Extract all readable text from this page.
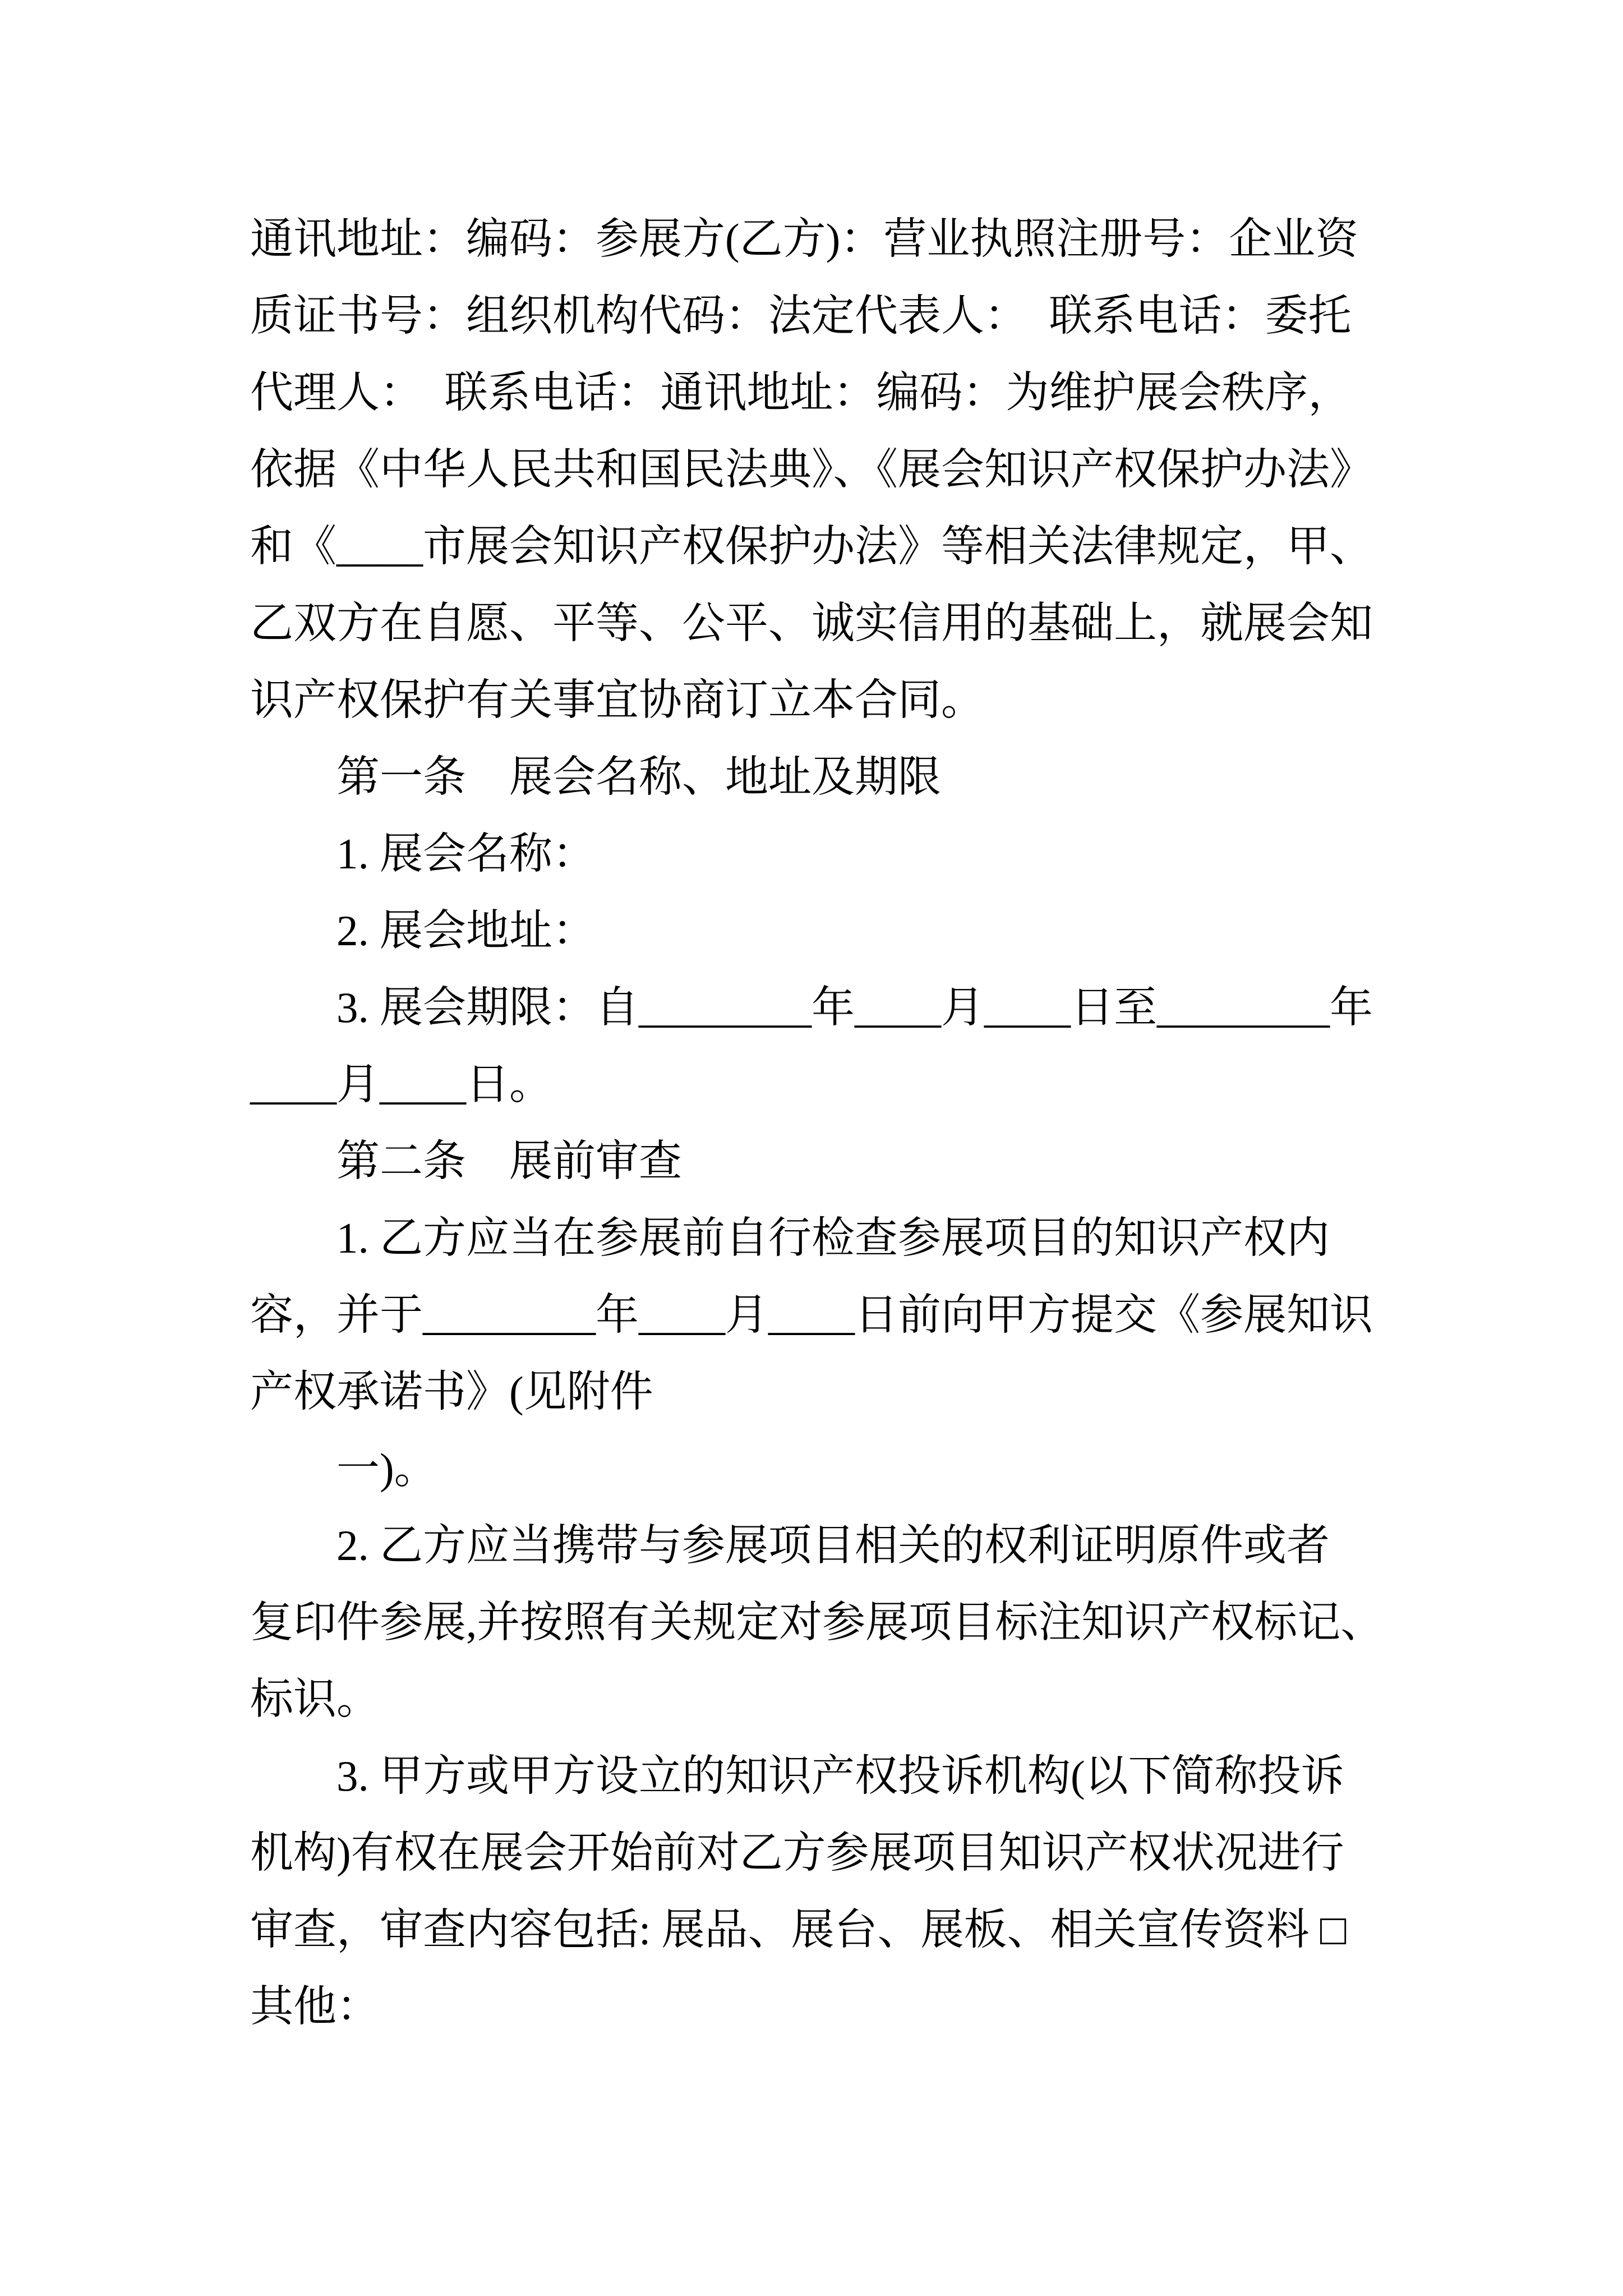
通讯地址：编码：参展方(乙方)：营业执照注册号：企业资

质证书号：组织机构代码：法定代表人：　联系电话：委托

代理人：　联系电话：通讯地址：编码：为维护展会秩序，

依据《中华人民共和国民法典》、《展会知识产权保护办法》

和《____市展会知识产权保护办法》等相关法律规定，甲、

乙双方在自愿、平等、公平、诚实信用的基础上，就展会知

识产权保护有关事宜协商订立本合同。

第一条　展会名称、地址及期限

1. 展会名称：

2. 展会地址：

3. 展会期限：自________年____月____日至________年

____月____日。

第二条　展前审查

1. 乙方应当在参展前自行检查参展项目的知识产权内

容，并于________年____月____日前向甲方提交《参展知识

产权承诺书》(见附件

一)。

2. 乙方应当携带与参展项目相关的权利证明原件或者

复印件参展,并按照有关规定对参展项目标注知识产权标记、

标识。

3. 甲方或甲方设立的知识产权投诉机构(以下简称投诉

机构)有权在展会开始前对乙方参展项目知识产权状况进行

审查，审查内容包括: 展品、展台、展板、相关宣传资料 □

其他：
